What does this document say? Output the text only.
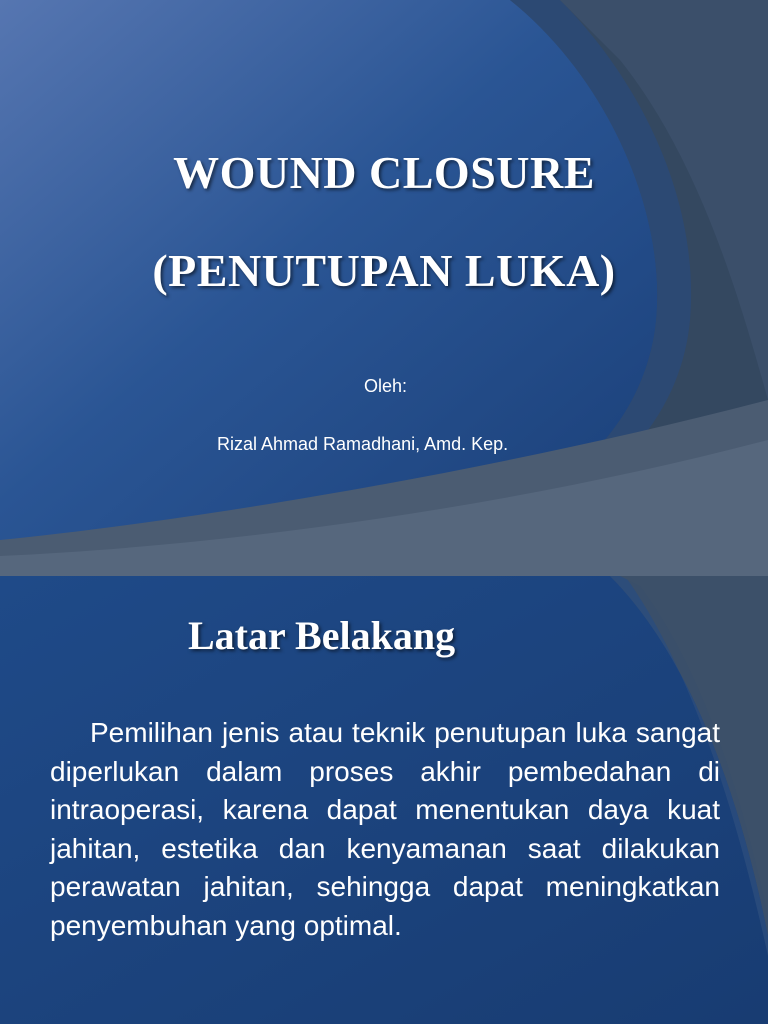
WOUND CLOSURE
(PENUTUPAN LUKA)
Oleh:
Rizal Ahmad Ramadhani, Amd. Kep.
Latar Belakang

Pemilihan jenis atau teknik penutupan luka sangat diperlukan dalam proses akhir pembedahan di intraoperasi, karena dapat menentukan daya kuat jahitan, estetika dan kenyamanan saat dilakukan perawatan jahitan, sehingga dapat meningkatkan penyembuhan yang optimal.
